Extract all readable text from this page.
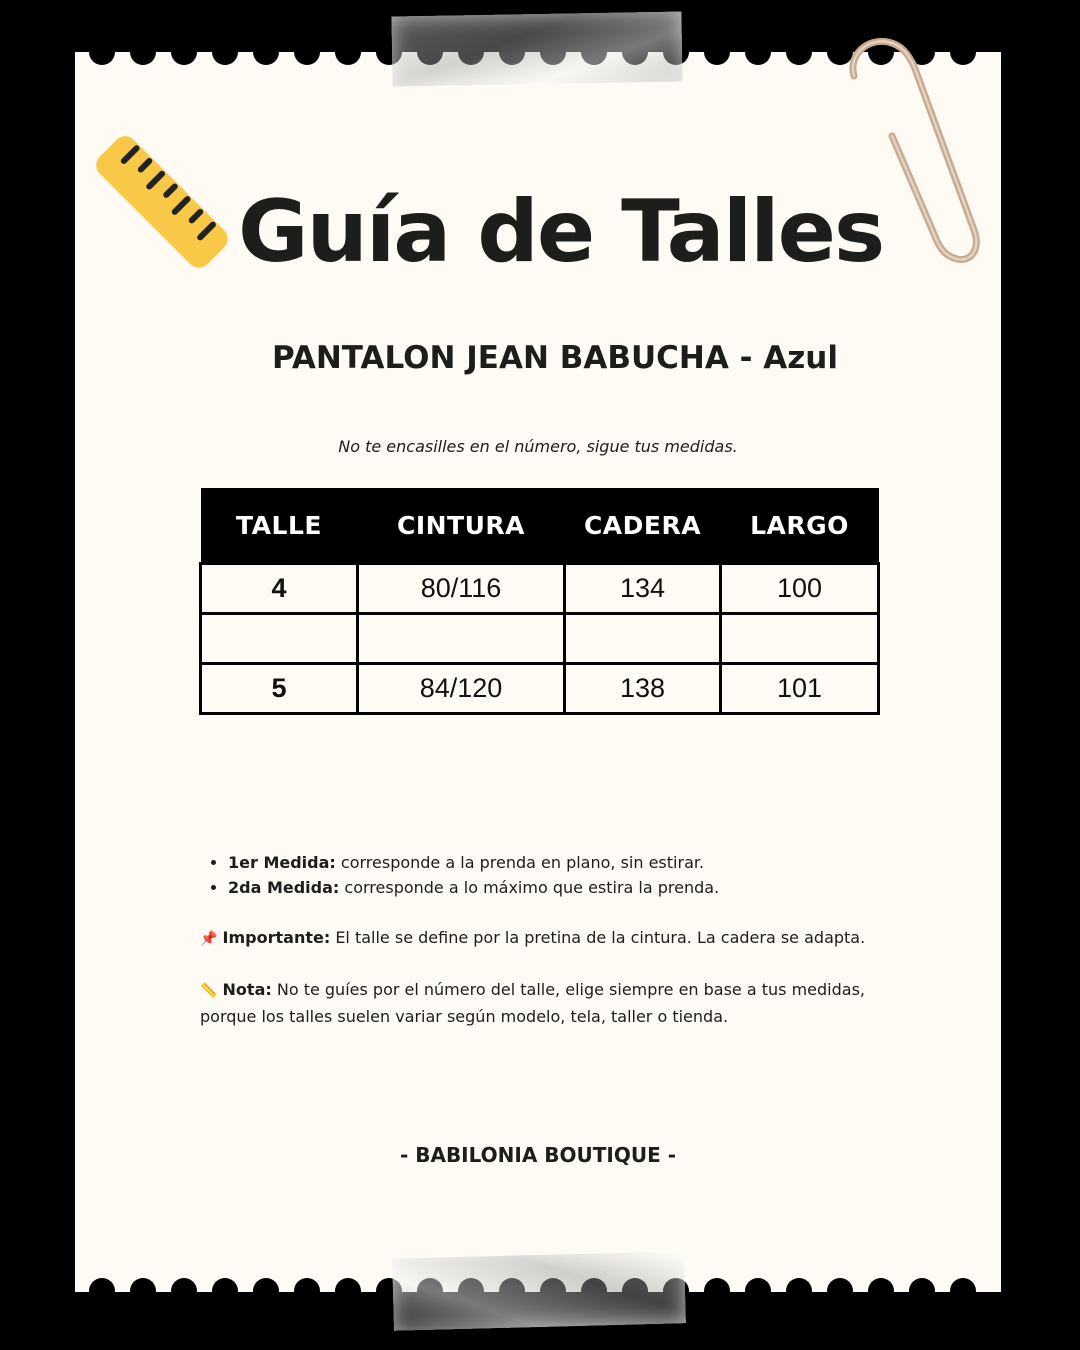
Guía de Talles
PANTALON JEAN BABUCHA - Azul

No te encasilles en el número, sigue tus medidas.

TALLE	CINTURA	CADERA	LARGO
4	80/116	134	100

5	84/120	138	101
• 1er Medida: corresponde a la prenda en plano, sin estirar.
• 2da Medida: corresponde a lo máximo que estira la prenda.

📌 Importante: El talle se define por la pretina de la cintura. La cadera se adapta.

📏 Nota: No te guíes por el número del talle, elige siempre en base a tus medidas, porque los talles suelen variar según modelo, tela, taller o tienda.

- BABILONIA BOUTIQUE -
